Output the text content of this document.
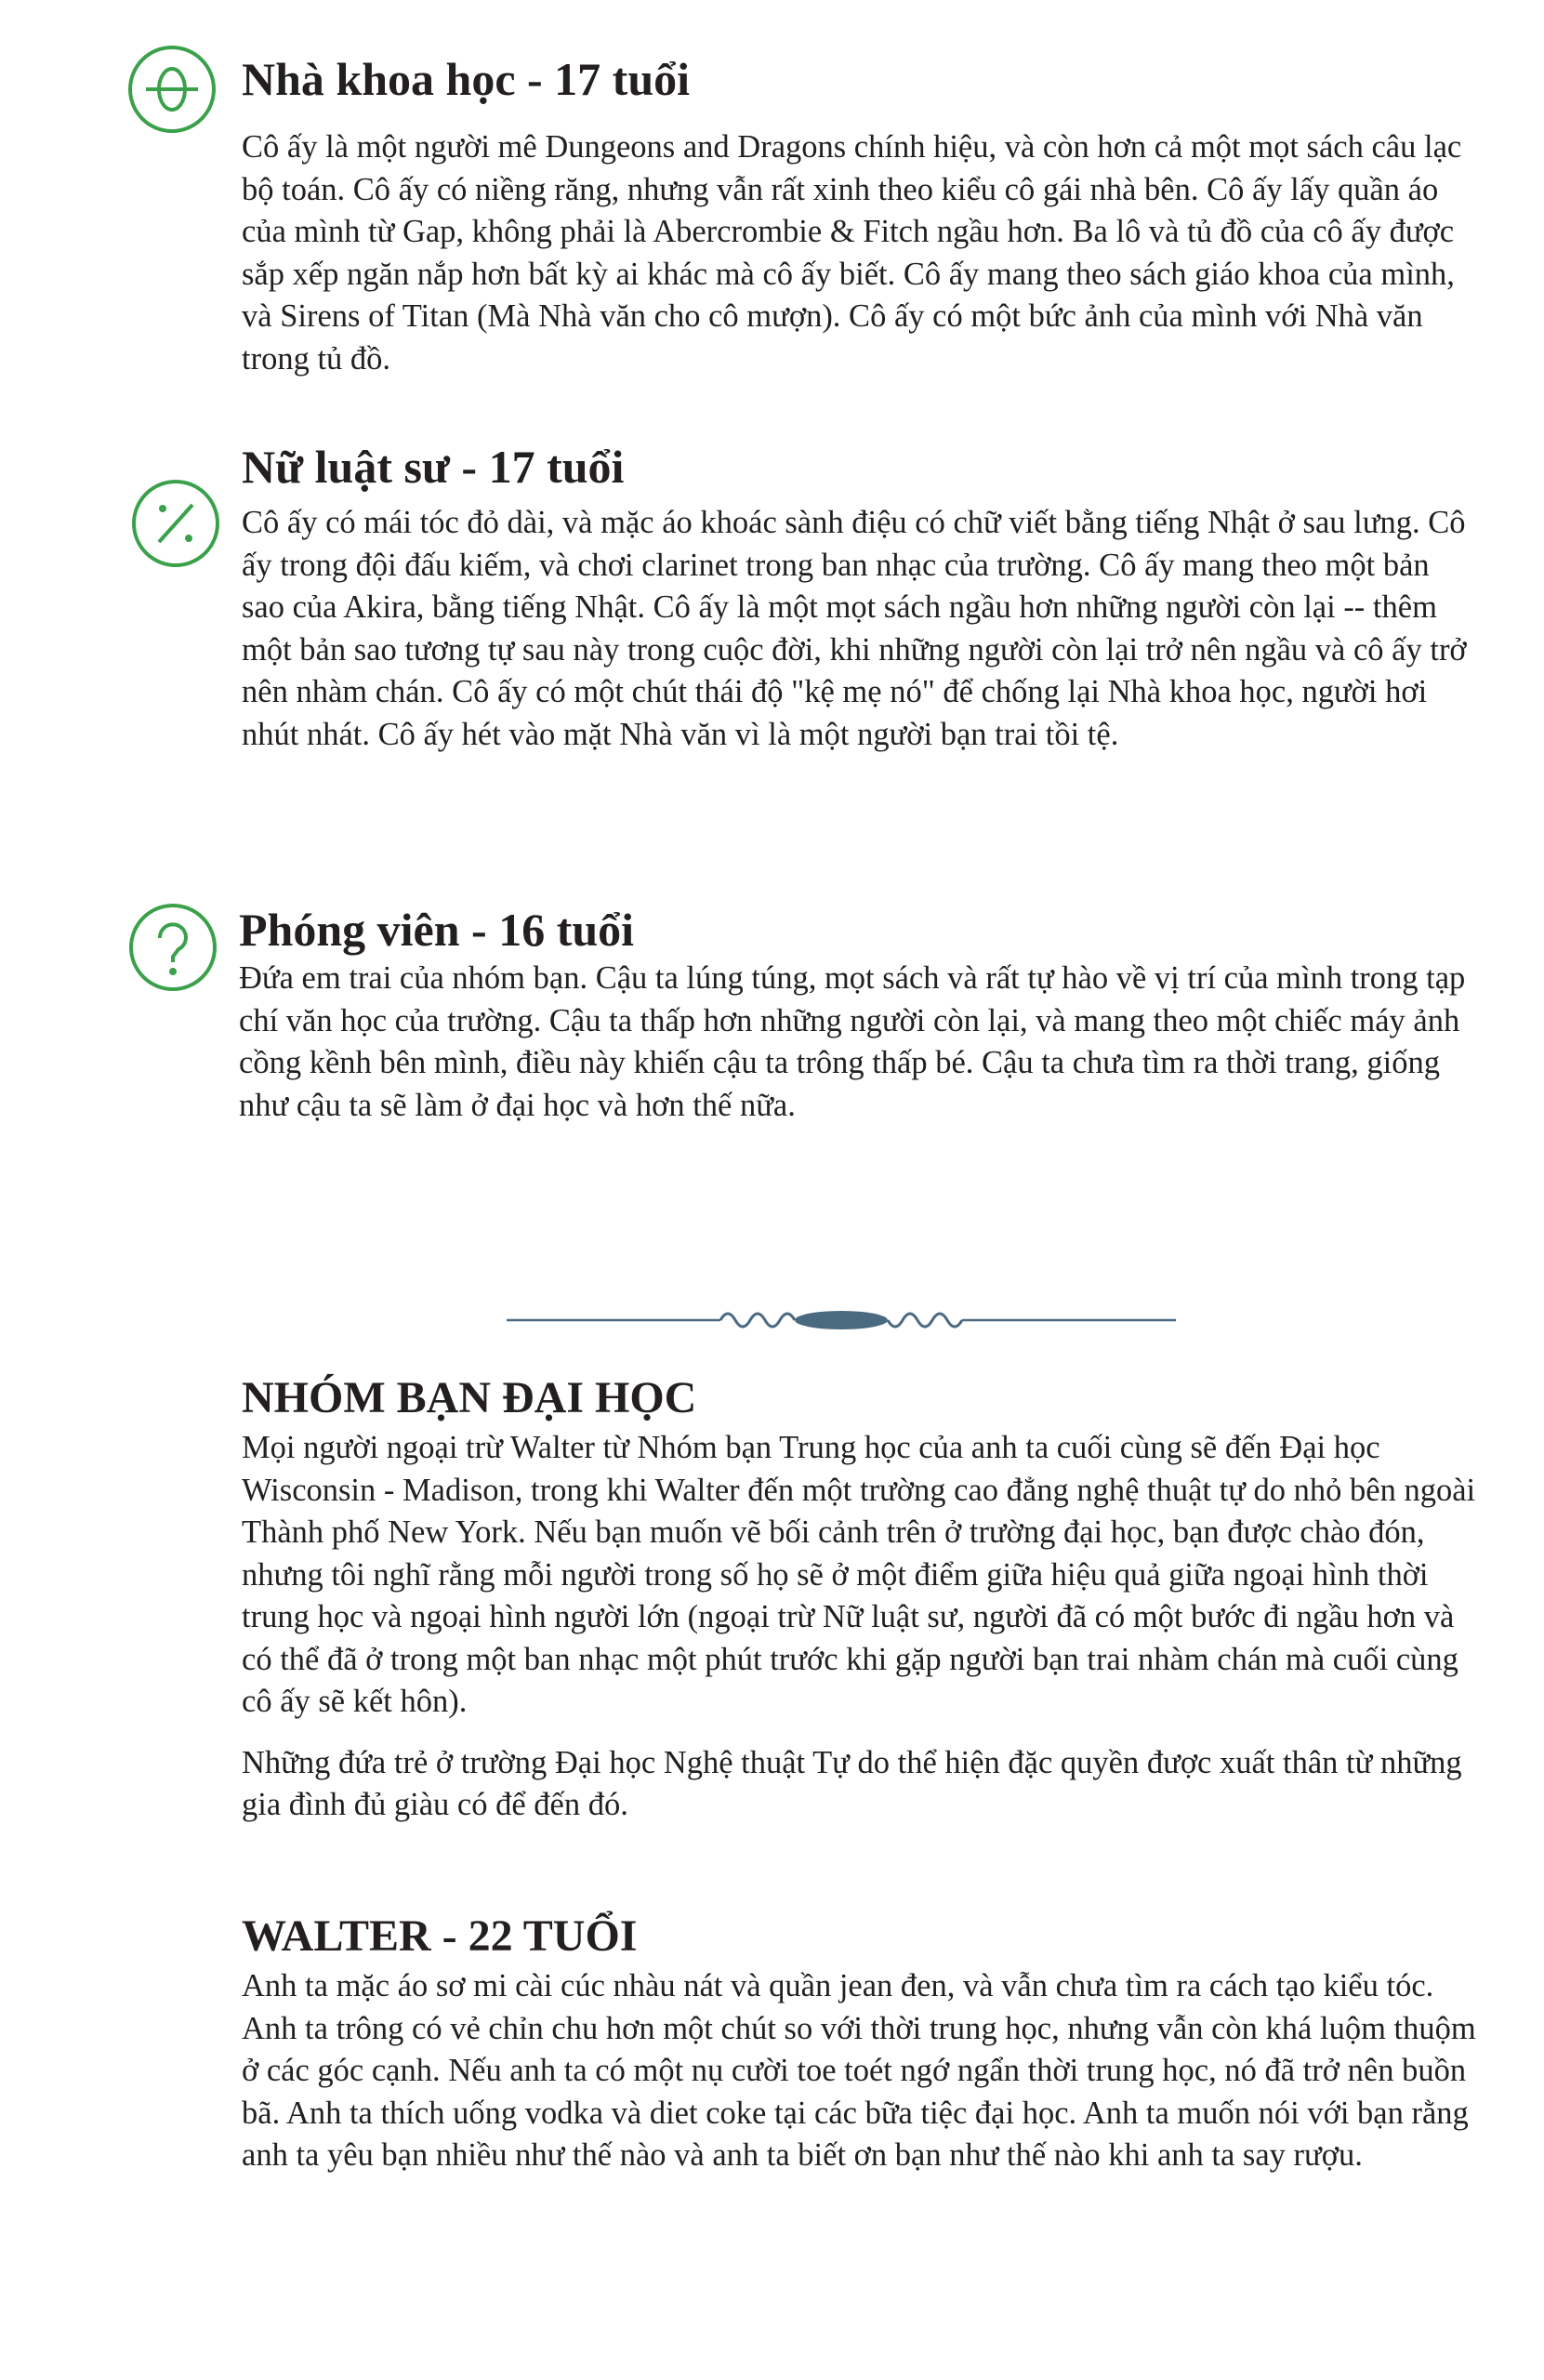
Nhà khoa học - 17 tuổi

Cô ấy là một người mê Dungeons and Dragons chính hiệu, và còn hơn cả một mọt sách câu lạc bộ toán. Cô ấy có niềng răng, nhưng vẫn rất xinh theo kiểu cô gái nhà bên. Cô ấy lấy quần áo của mình từ Gap, không phải là Abercrombie & Fitch ngầu hơn. Ba lô và tủ đồ của cô ấy được sắp xếp ngăn nắp hơn bất kỳ ai khác mà cô ấy biết. Cô ấy mang theo sách giáo khoa của mình, và Sirens of Titan (Mà Nhà văn cho cô mượn). Cô ấy có một bức ảnh của mình với Nhà văn trong tủ đồ.

Nữ luật sư - 17 tuổi

Cô ấy có mái tóc đỏ dài, và mặc áo khoác sành điệu có chữ viết bằng tiếng Nhật ở sau lưng. Cô ấy trong đội đấu kiếm, và chơi clarinet trong ban nhạc của trường. Cô ấy mang theo một bản sao của Akira, bằng tiếng Nhật. Cô ấy là một mọt sách ngầu hơn những người còn lại -- thêm một bản sao tương tự sau này trong cuộc đời, khi những người còn lại trở nên ngầu và cô ấy trở nên nhàm chán. Cô ấy có một chút thái độ "kệ mẹ nó" để chống lại Nhà khoa học, người hơi nhút nhát. Cô ấy hét vào mặt Nhà văn vì là một người bạn trai tồi tệ.

Phóng viên - 16 tuổi

Đứa em trai của nhóm bạn. Cậu ta lúng túng, mọt sách và rất tự hào về vị trí của mình trong tạp chí văn học của trường. Cậu ta thấp hơn những người còn lại, và mang theo một chiếc máy ảnh cồng kềnh bên mình, điều này khiến cậu ta trông thấp bé. Cậu ta chưa tìm ra thời trang, giống như cậu ta sẽ làm ở đại học và hơn thế nữa.

NHÓM BẠN ĐẠI HỌC

Mọi người ngoại trừ Walter từ Nhóm bạn Trung học của anh ta cuối cùng sẽ đến Đại học Wisconsin - Madison, trong khi Walter đến một trường cao đẳng nghệ thuật tự do nhỏ bên ngoài Thành phố New York. Nếu bạn muốn vẽ bối cảnh trên ở trường đại học, bạn được chào đón, nhưng tôi nghĩ rằng mỗi người trong số họ sẽ ở một điểm giữa hiệu quả giữa ngoại hình thời trung học và ngoại hình người lớn (ngoại trừ Nữ luật sư, người đã có một bước đi ngầu hơn và có thể đã ở trong một ban nhạc một phút trước khi gặp người bạn trai nhàm chán mà cuối cùng cô ấy sẽ kết hôn).

Những đứa trẻ ở trường Đại học Nghệ thuật Tự do thể hiện đặc quyền được xuất thân từ những gia đình đủ giàu có để đến đó.

WALTER - 22 TUỔI

Anh ta mặc áo sơ mi cài cúc nhàu nát và quần jean đen, và vẫn chưa tìm ra cách tạo kiểu tóc. Anh ta trông có vẻ chỉn chu hơn một chút so với thời trung học, nhưng vẫn còn khá luộm thuộm ở các góc cạnh. Nếu anh ta có một nụ cười toe toét ngớ ngẩn thời trung học, nó đã trở nên buồn bã. Anh ta thích uống vodka và diet coke tại các bữa tiệc đại học. Anh ta muốn nói với bạn rằng anh ta yêu bạn nhiều như thế nào và anh ta biết ơn bạn như thế nào khi anh ta say rượu.
